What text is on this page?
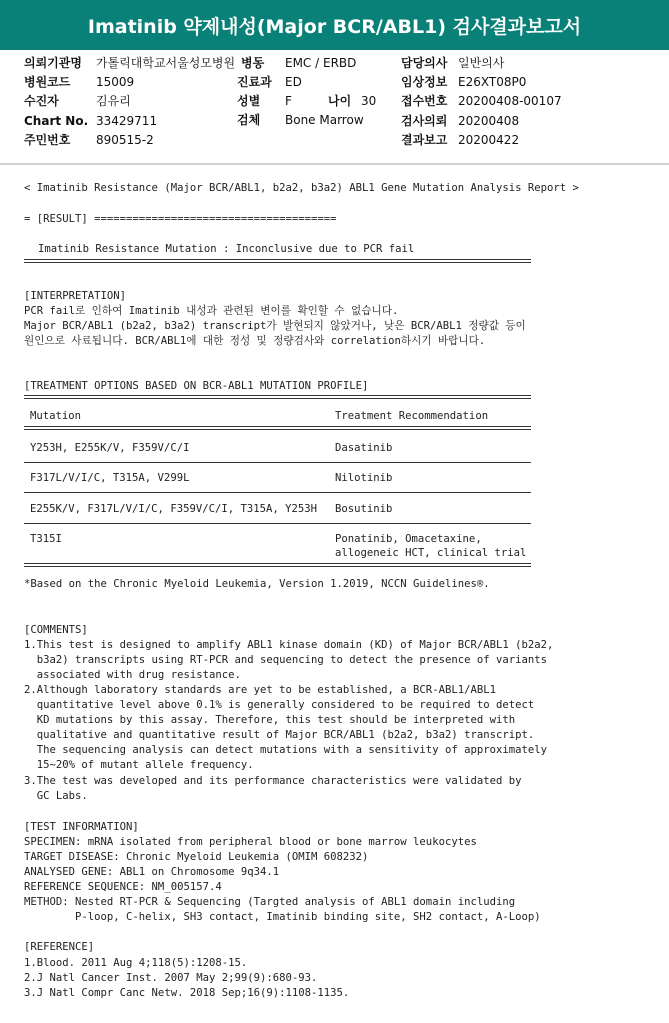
Imatinib 약제내성(Major BCR/ABL1) 검사결과보고서
의뢰기관명 가톨릭대학교서울성모병원 병동 EMC / ERBD	담당의사 일반의사
병원코드 15009	진료과 ED	임상정보 E26XT08P0
수진자	김유리	성별 F	나이 30 접수번호 20200408-00107
Chart No. 33429711	검체 Bone Marrow	검사의뢰 20200408
주민번호 890515-2	결과보고 20200422
< Imatinib Resistance (Major BCR/ABL1, b2a2, b3a2) ABL1 Gene Mutation Analysis Report >
= [RESULT] ======================================
Imatinib Resistance Mutation : Inconclusive due to PCR fail
[INTERPRETATION]
PCR fail로 인하여 Imatinib 내성과 관련된 변이를 확인할 수 없습니다.
Major BCR/ABL1 (b2a2, b3a2) transcript가 발현되지 않았거나, 낮은 BCR/ABL1 정량값 등이
원인으로 사료됩니다. BCR/ABL1에 대한 정성 및 정량검사와 correlation하시기 바랍니다.
[TREATMENT OPTIONS BASED ON BCR-ABL1 MUTATION PROFILE]
Mutation	Treatment Recommendation
Y253H, E255K/V, F359V/C/I	Dasatinib
F317L/V/I/C, T315A, V299L	Nilotinib
E255K/V, F317L/V/I/C, F359V/C/I, T315A, Y253H Bosutinib
T315I	Ponatinib, Omacetaxine,
allogeneic HCT, clinical trial
*Based on the Chronic Myeloid Leukemia, Version 1.2019, NCCN Guidelines®.
[COMMENTS]
1.This test is designed to amplify ABL1 kinase domain (KD) of Major BCR/ABL1 (b2a2,
b3a2) transcripts using RT-PCR and sequencing to detect the presence of variants
associated with drug resistance.
2.Although laboratory standards are yet to be established, a BCR-ABL1/ABL1
quantitative level above 0.1% is generally considered to be required to detect
KD mutations by this assay. Therefore, this test should be interpreted with
qualitative and quantitative result of Major BCR/ABL1 (b2a2, b3a2) transcript.
The sequencing analysis can detect mutations with a sensitivity of approximately
15~20% of mutant allele frequency.
3.The test was developed and its performance characteristics were validated by
GC Labs.
[TEST INFORMATION]
SPECIMEN: mRNA isolated from peripheral blood or bone marrow leukocytes
TARGET DISEASE: Chronic Myeloid Leukemia (OMIM 608232)
ANALYSED GENE: ABL1 on Chromosome 9q34.1
REFERENCE SEQUENCE: NM_005157.4
METHOD: Nested RT-PCR & Sequencing (Targted analysis of ABL1 domain including
P-loop, C-helix, SH3 contact, Imatinib binding site, SH2 contact, A-Loop)
[REFERENCE]
1.Blood. 2011 Aug 4;118(5):1208-15.
2.J Natl Cancer Inst. 2007 May 2;99(9):680-93.
3.J Natl Compr Canc Netw. 2018 Sep;16(9):1108-1135.
